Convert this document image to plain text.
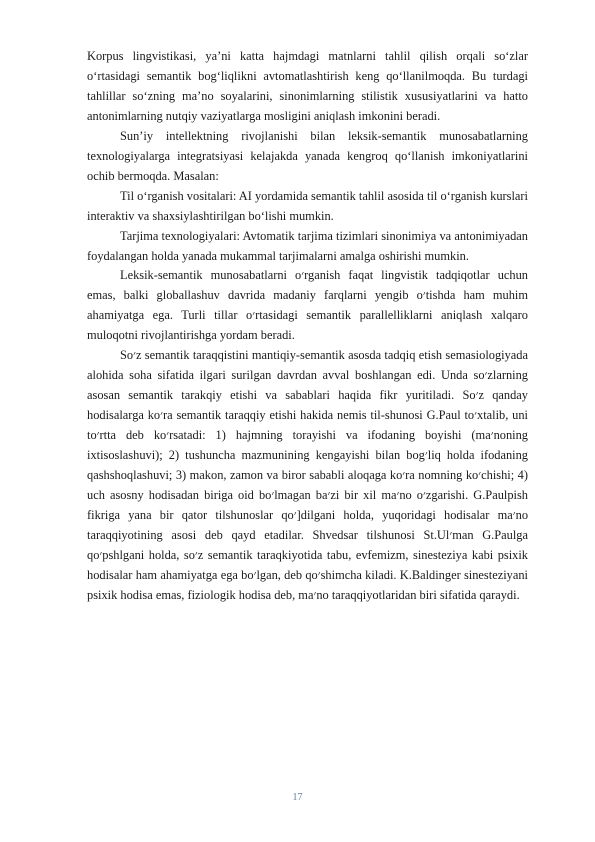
Korpus lingvistikasi, ya’ni katta hajmdagi matnlarni tahlil qilish orqali so‘zlar o‘rtasidagi semantik bog‘liqlikni avtomatlashtirish keng qo‘llanilmoqda. Bu turdagi tahlillar so‘zning ma’no soyalarini, sinonimlarning stilistik xususiyatlarini va hatto antonimlarning nutqiy vaziyatlarga mosligini aniqlash imkonini beradi.

Sun’iy intellektning rivojlanishi bilan leksik-semantik munosabatlarning texnologiyalarga integratsiyasi kelajakda yanada kengroq qo‘llanish imkoniyatlarini ochib bermoqda. Masalan:

Til o‘rganish vositalari: AI yordamida semantik tahlil asosida til o‘rganish kurslari interaktiv va shaxsiylashtirilgan bo‘lishi mumkin.

Tarjima texnologiyalari: Avtomatik tarjima tizimlari sinonimiya va antonimiyadan foydalangan holda yanada mukammal tarjimalarni amalga oshirishi mumkin.

Leksik-semantik munosabatlarni o׳rganish faqat lingvistik tadqiqotlar uchun emas, balki globallashuv davrida madaniy farqlarni yengib o׳tishda ham muhim ahamiyatga ega. Turli tillar o׳rtasidagi semantik parallelliklarni aniqlash xalqaro muloqotni rivojlantirishga yordam beradi.

So׳z semantik taraqqistini mantiqiy-semantik asosda tadqiq etish semasiologiyada alohida soha sifatida ilgari surilgan davrdan avval boshlangan edi. Unda so׳zlarning asosan semantik tarakqiy etishi va sabablari haqida fikr yuritiladi. So׳z qanday hodisalarga ko׳ra semantik taraqqiy etishi hakida nemis til-shunosi G.Paul to׳xtalib, uni to׳rtta deb ko׳rsatadi: 1) hajmning torayishi va ifodaning boyishi (ma׳noning ixtisoslashuvi); 2) tushuncha mazmunining kengayishi bilan bog׳liq holda ifodaning qashshoqlashuvi; 3) makon, zamon va biror sababli aloqaga ko׳ra nomning ko׳chishi; 4) uch asosny hodisadan biriga oid bo׳lmagan ba׳zi bir xil ma׳no o׳zgarishi. G.Paulpish fikriga yana bir qator tilshunoslar qo׳]dilgani holda, yuqoridagi hodisalar ma׳no taraqqiyotining asosi deb qayd etadilar. Shvedsar tilshunosi St.Ul׳man G.Paulga qo׳pshlgani holda, so׳z semantik taraqkiyotida tabu, evfemizm, sinesteziya kabi psixik hodisalar ham ahamiyatga ega bo׳lgan, deb qo׳shimcha kiladi. K.Baldinger sinesteziyani psixik hodisa emas, fiziologik hodisa deb, ma׳no taraqqiyotlaridan biri sifatida qaraydi.

17
